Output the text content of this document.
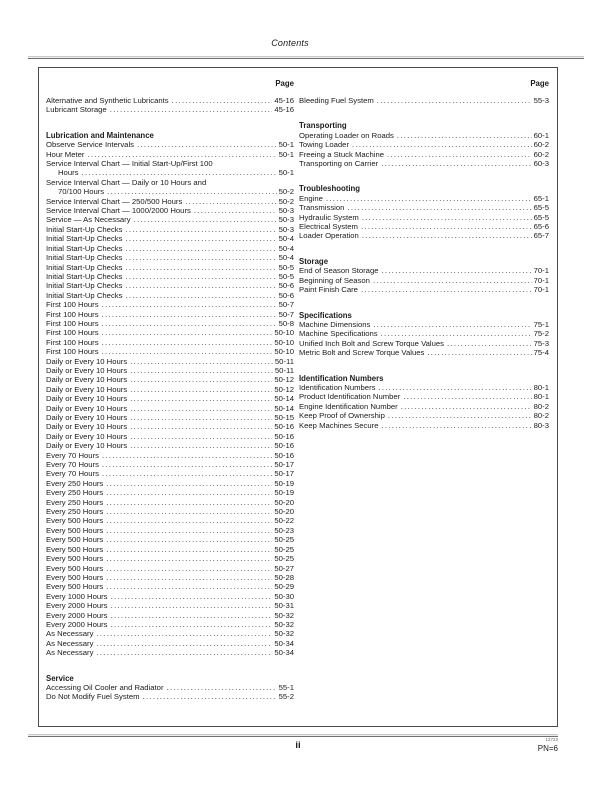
Contents
Page
Alternative and Synthetic Lubricants .....	45-16
Lubricant Storage .....	45-16
Lubrication and Maintenance
Observe Service Intervals .....	50-1
Hour Meter .....	50-1
Service Interval Chart — Initial Start-Up/First 100
Hours .....	50-1
Service Interval Chart — Daily or 10 Hours and
70/100 Hours .....	50-2
Service Interval Chart — 250/500 Hours .....	50-2
Service Interval Chart — 1000/2000 Hours .....	50-3
Service — As Necessary .....	50-3
Initial Start-Up Checks .....	50-3
Initial Start-Up Checks .....	50-4
Initial Start-Up Checks .....	50-4
Initial Start-Up Checks .....	50-4
Initial Start-Up Checks .....	50-5
Initial Start-Up Checks .....	50-5
Initial Start-Up Checks .....	50-6
Initial Start-Up Checks .....	50-6
First 100 Hours .....	50-7
First 100 Hours .....	50-7
First 100 Hours .....	50-8
First 100 Hours .....	50-10
First 100 Hours .....	50-10
First 100 Hours .....	50-10
Daily or Every 10 Hours .....	50-11
Daily or Every 10 Hours .....	50-11
Daily or Every 10 Hours .....	50-12
Daily or Every 10 Hours .....	50-12
Daily or Every 10 Hours .....	50-14
Daily or Every 10 Hours .....	50-14
Daily or Every 10 Hours .....	50-15
Daily or Every 10 Hours .....	50-16
Daily or Every 10 Hours .....	50-16
Daily or Every 10 Hours .....	50-16
Every 70 Hours .....	50-16
Every 70 Hours .....	50-17
Every 70 Hours .....	50-17
Every 250 Hours .....	50-19
Every 250 Hours .....	50-19
Every 250 Hours .....	50-20
Every 250 Hours .....	50-20
Every 500 Hours .....	50-22
Every 500 Hours .....	50-23
Every 500 Hours .....	50-25
Every 500 Hours .....	50-25
Every 500 Hours .....	50-25
Every 500 Hours .....	50-27
Every 500 Hours .....	50-28
Every 500 Hours .....	50-29
Every 1000 Hours .....	50-30
Every 2000 Hours .....	50-31
Every 2000 Hours .....	50-32
Every 2000 Hours .....	50-32
As Necessary .....	50-32
As Necessary .....	50-34
As Necessary .....	50-34
Service
Accessing Oil Cooler and Radiator .....	55-1
Do Not Modify Fuel System .....	55-2
Page
Bleeding Fuel System .....	55-3
Transporting
Operating Loader on Roads .....	60-1
Towing Loader .....	60-2
Freeing a Stuck Machine .....	60-2
Transporting on Carrier .....	60-3
Troubleshooting
Engine .....	65-1
Transmission .....	65-5
Hydraulic System .....	65-5
Electrical System .....	65-6
Loader Operation .....	65-7
Storage
End of Season Storage .....	70-1
Beginning of Season .....	70-1
Paint Finish Care .....	70-1
Specifications
Machine Dimensions .....	75-1
Machine Specifications .....	75-2
Unified Inch Bolt and Screw Torque Values .....	75-3
Metric Bolt and Screw Torque Values .....	75-4
Identification Numbers
Identification Numbers .....	80-1
Product Identification Number .....	80-1
Engine Identification Number .....	80-2
Keep Proof of Ownership .....	80-2
Keep Machines Secure .....	80-3
ii
12723
PN=6
